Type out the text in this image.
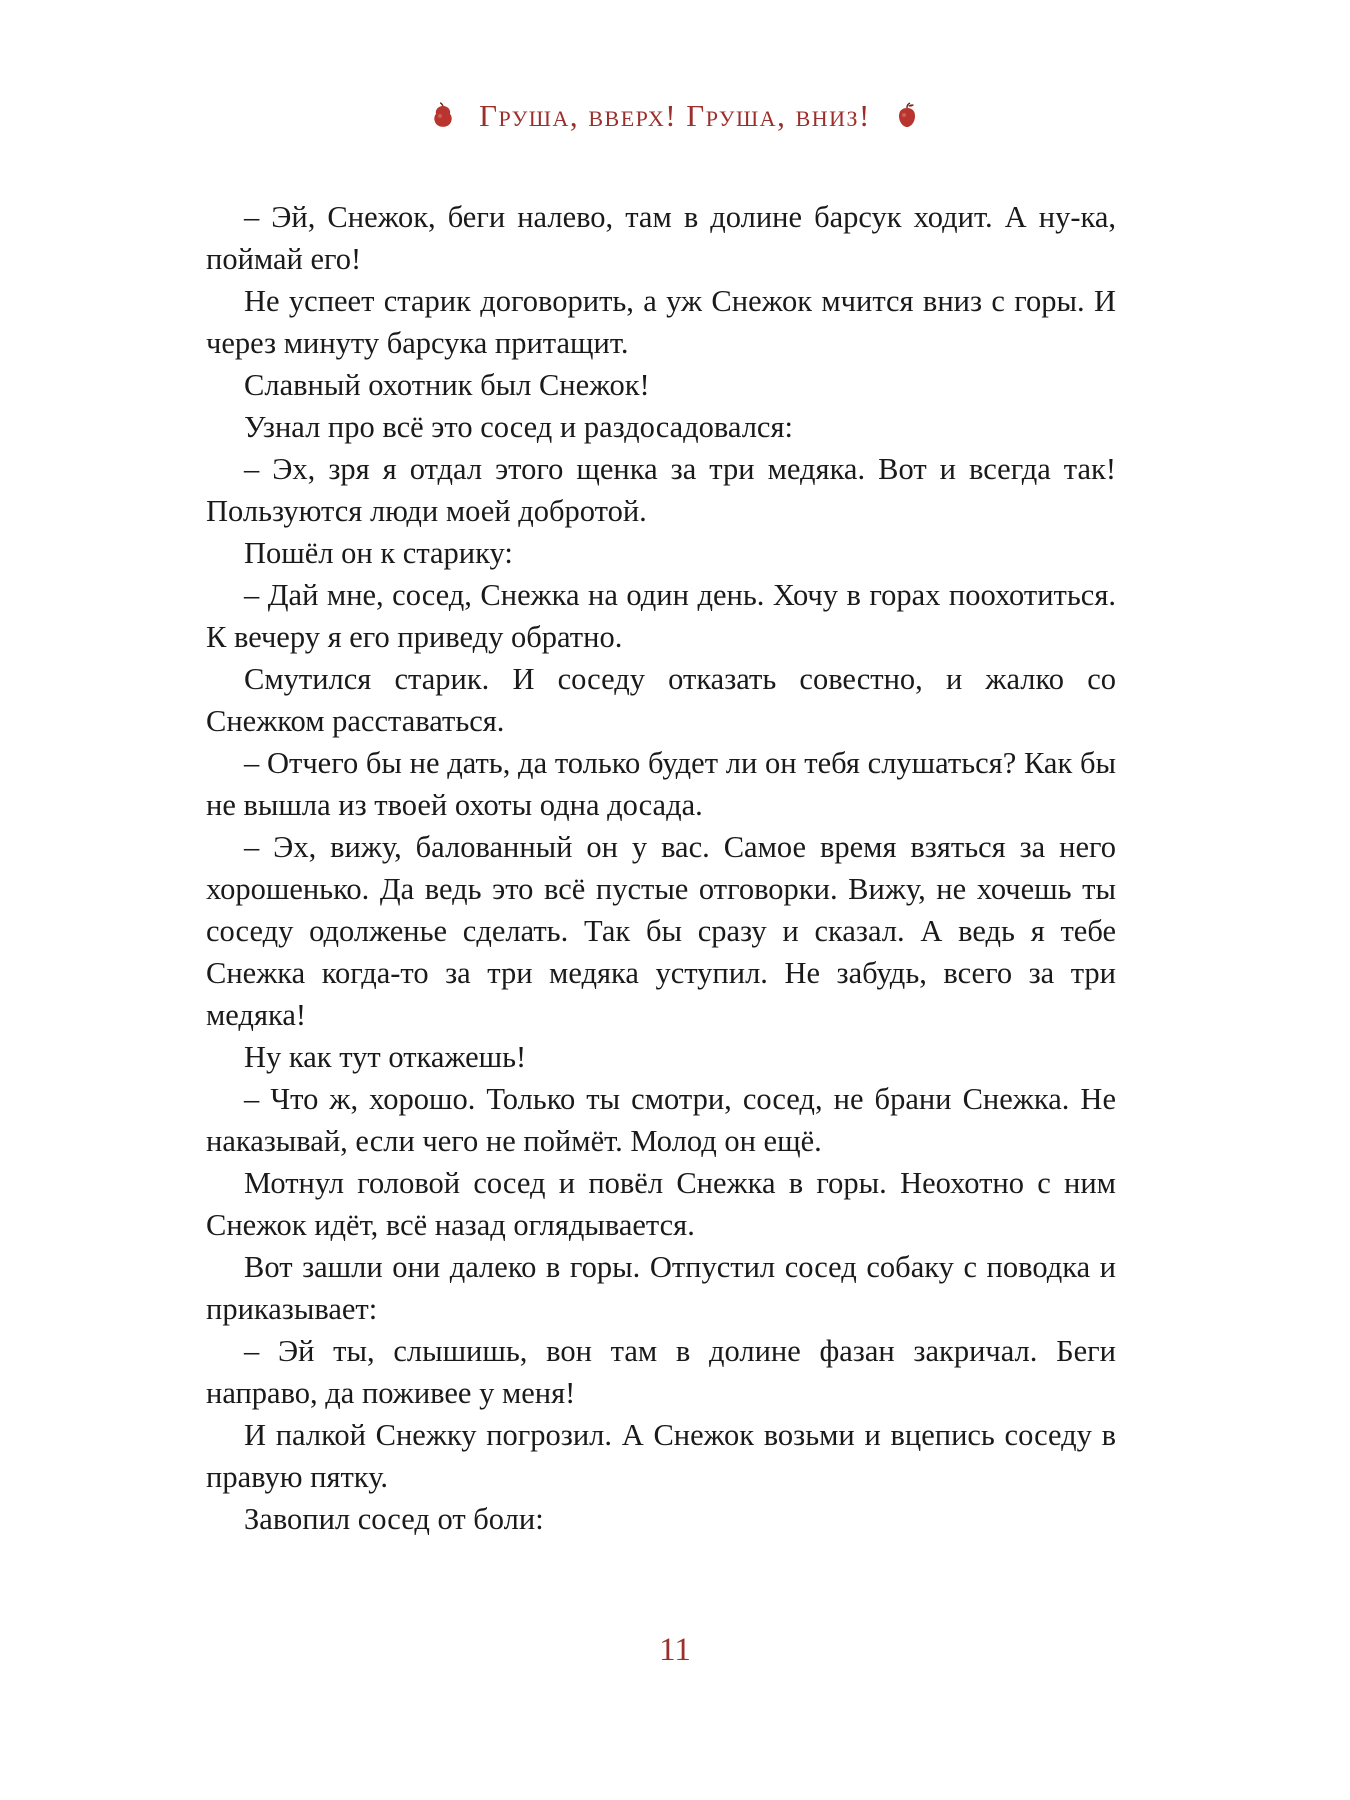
Груша, вверх! Груша, вниз!

– Эй, Снежок, беги налево, там в долине барсук ходит. А ну-ка, поймай его!

Не успеет старик договорить, а уж Снежок мчится вниз с горы. И через минуту барсука притащит.

Славный охотник был Снежок!

Узнал про всё это сосед и раздосадовался:

– Эх, зря я отдал этого щенка за три медяка. Вот и всегда так! Пользуются люди моей добротой.

Пошёл он к старику:

– Дай мне, сосед, Снежка на один день. Хочу в горах поохотиться. К вечеру я его приведу обратно.

Смутился старик. И соседу отказать совестно, и жалко со Снежком расставаться.

– Отчего бы не дать, да только будет ли он тебя слушаться? Как бы не вышла из твоей охоты одна досада.

– Эх, вижу, балованный он у вас. Самое время взяться за него хорошенько. Да ведь это всё пустые отговорки. Вижу, не хочешь ты соседу одолженье сделать. Так бы сразу и сказал. А ведь я тебе Снежка когда-то за три медяка уступил. Не забудь, всего за три медяка!

Ну как тут откажешь!

– Что ж, хорошо. Только ты смотри, сосед, не брани Снежка. Не наказывай, если чего не поймёт. Молод он ещё.

Мотнул головой сосед и повёл Снежка в горы. Неохотно с ним Снежок идёт, всё назад оглядывается.

Вот зашли они далеко в горы. Отпустил сосед собаку с поводка и приказывает:

– Эй ты, слышишь, вон там в долине фазан закричал. Беги направо, да поживее у меня!

И палкой Снежку погрозил. А Снежок возьми и вцепись соседу в правую пятку.

Завопил сосед от боли:

11
